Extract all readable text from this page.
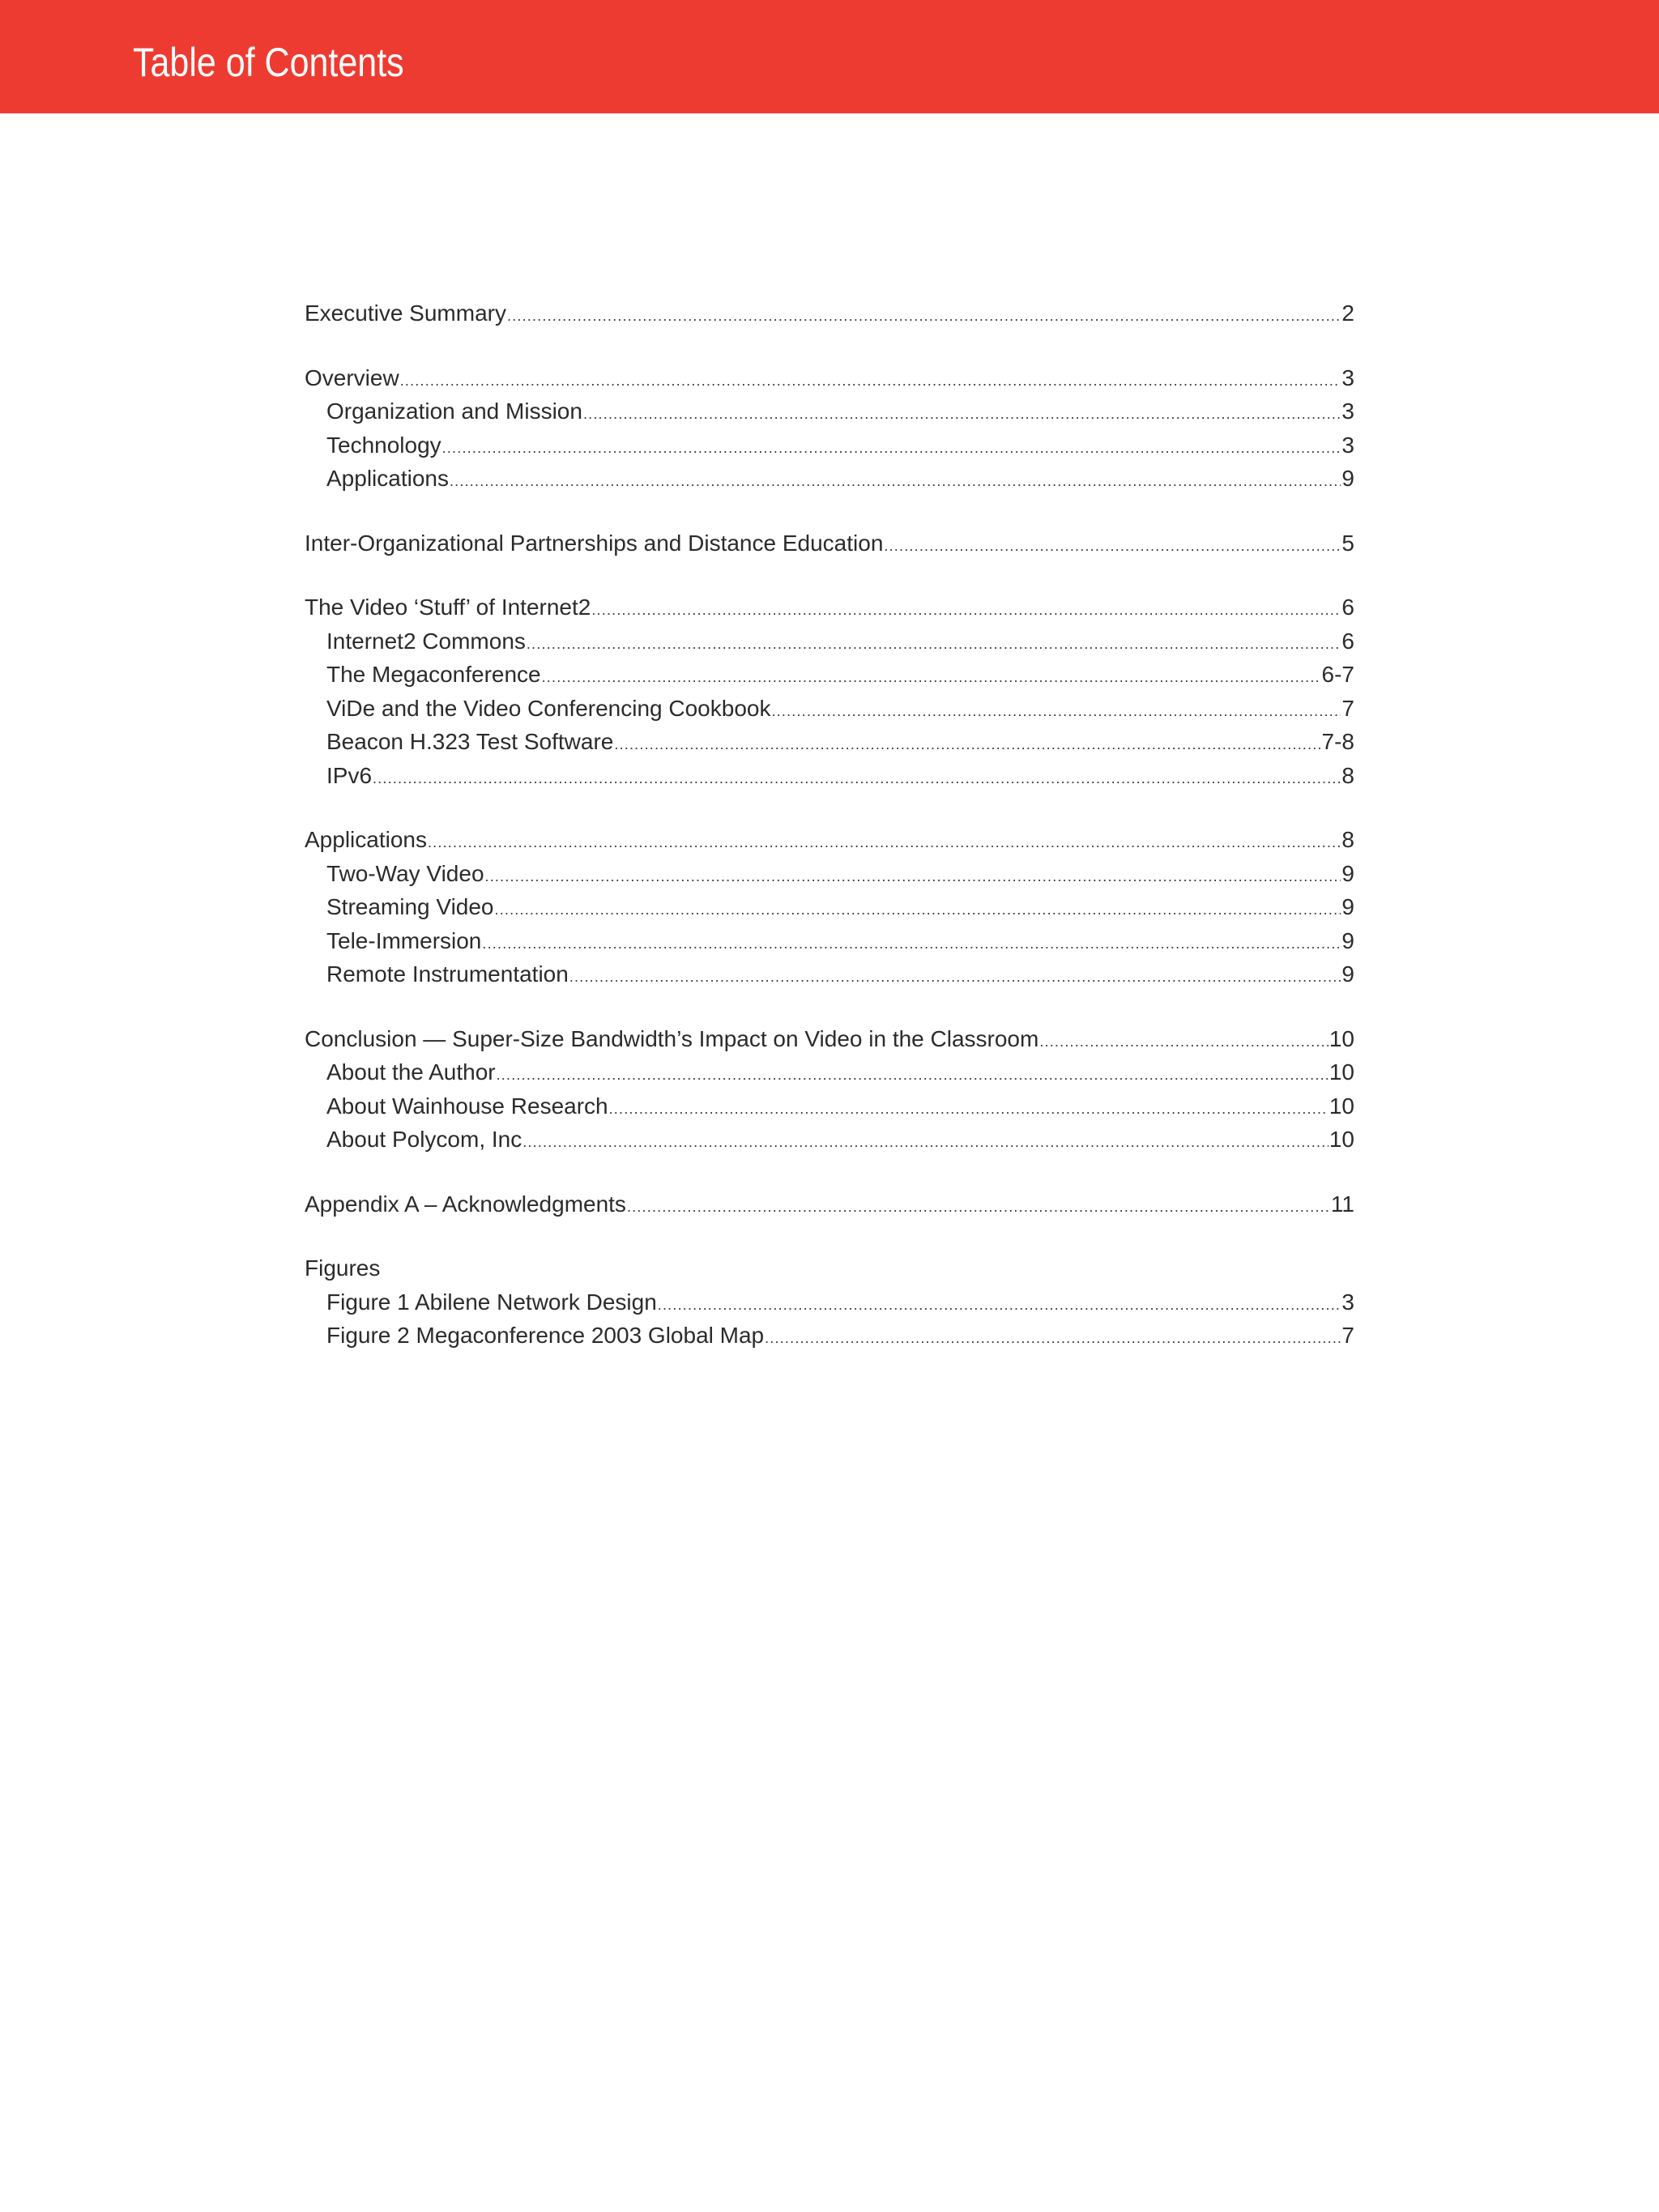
Table of Contents
Executive Summary .....	2
Overview .....	3
Organization and Mission .....	3
Technology .....	3
Applications .....	9
Inter-Organizational Partnerships and Distance Education .....	5
The Video ‘Stuff’ of Internet2 .....	6
Internet2 Commons .....	6
The Megaconference .....	6-7
ViDe and the Video Conferencing Cookbook .....	7
Beacon H.323 Test Software .....	7-8
IPv6 .....	8
Applications .....	8
Two-Way Video .....	9
Streaming Video .....	9
Tele-Immersion .....	9
Remote Instrumentation .....	9
Conclusion — Super-Size Bandwidth’s Impact on Video in the Classroom .....	10
About the Author .....	10
About Wainhouse Research .....	10
About Polycom, Inc .....	10
Appendix A – Acknowledgments .....	11
Figures
Figure 1 Abilene Network Design .....	3
Figure 2 Megaconference 2003 Global Map .....	7
